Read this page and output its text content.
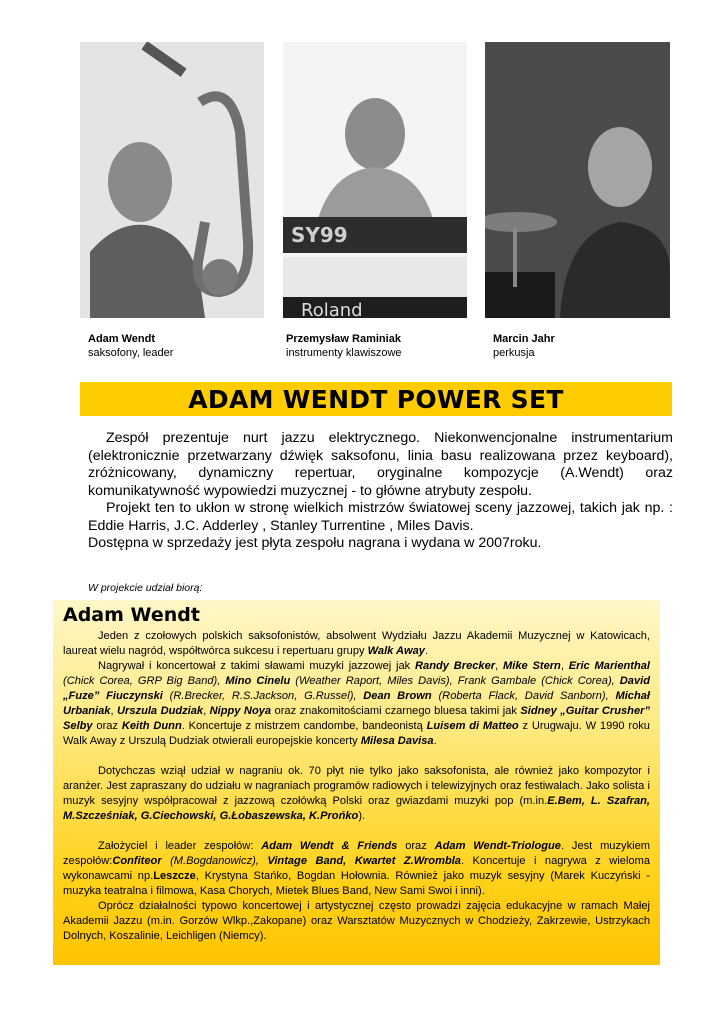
SY99
Roland
Adam Wendt
saksofony, leader
Przemysław Raminiak
instrumenty klawiszowe
Marcin Jahr
perkusja
ADAM WENDT POWER SET

Zespół prezentuje nurt jazzu elektrycznego. Niekonwencjonalne instrumentarium (elektronicznie przetwarzany dźwięk saksofonu, linia basu realizowana przez keyboard), zróżnicowany, dynamiczny repertuar, oryginalne kompozycje (A.Wendt) oraz komunikatywność wypowiedzi muzycznej - to główne atrybuty zespołu.

Projekt ten to ukłon w stronę wielkich mistrzów światowej sceny jazzowej, takich jak np. : Eddie Harris, J.C. Adderley , Stanley Turrentine , Miles Davis.

Dostępna w sprzedaży jest płyta zespołu nagrana i wydana w 2007roku.

W projekcie udział biorą:
Adam Wendt

Jeden z czołowych polskich saksofonistów, absolwent Wydziału Jazzu Akademii Muzycznej w Katowicach, laureat wielu nagród, współtwórca sukcesu i repertuaru grupy Walk Away.

Nagrywał i koncertował z takimi sławami muzyki jazzowej jak Randy Brecker, Mike Stern, Eric Marienthal (Chick Corea, GRP Big Band), Mino Cinelu (Weather Raport, Miles Davis), Frank Gambale (Chick Corea), David „Fuze” Fiuczynski (R.Brecker, R.S.Jackson, G.Russel), Dean Brown (Roberta Flack, David Sanborn), Michał Urbaniak, Urszula Dudziak, Nippy Noya oraz znakomitościami czarnego bluesa takimi jak Sidney „Guitar Crusher” Selby oraz Keith Dunn. Koncertuje z mistrzem candombe, bandeonistą Luisem di Matteo z Urugwaju. W 1990 roku Walk Away z Urszulą Dudziak otwierali europejskie koncerty Milesa Davisa.

Dotychczas wziął udział w nagraniu ok. 70 płyt nie tylko jako saksofonista, ale również jako kompozytor i aranżer. Jest zapraszany do udziału w nagraniach programów radiowych i telewizyjnych oraz festiwalach. Jako solista i muzyk sesyjny współpracował z jazzową czołówką Polski oraz gwiazdami muzyki pop (m.in.E.Bem, L. Szafran, M.Szcześniak, G.Ciechowski, G.Łobaszewska, K.Prońko).

Założyciel i leader zespołów: Adam Wendt & Friends oraz Adam Wendt-Triologue. Jest muzykiem zespołów:Confiteor (M.Bogdanowicz), Vintage Band, Kwartet Z.Wrombla. Koncertuje i nagrywa z wieloma wykonawcami np.Leszcze, Krystyna Stańko, Bogdan Hołownia. Również jako muzyk sesyjny (Marek Kuczyński - muzyka teatralna i filmowa, Kasa Chorych, Mietek Blues Band, New Sami Swoi i inni).

Oprócz działalności typowo koncertowej i artystycznej często prowadzi zajęcia edukacyjne w ramach Małej Akademii Jazzu (m.in. Gorzów Wlkp.,Zakopane) oraz Warsztatów Muzycznych w Chodzieży, Zakrzewie, Ustrzykach Dolnych, Koszalinie, Leichligen (Niemcy).
